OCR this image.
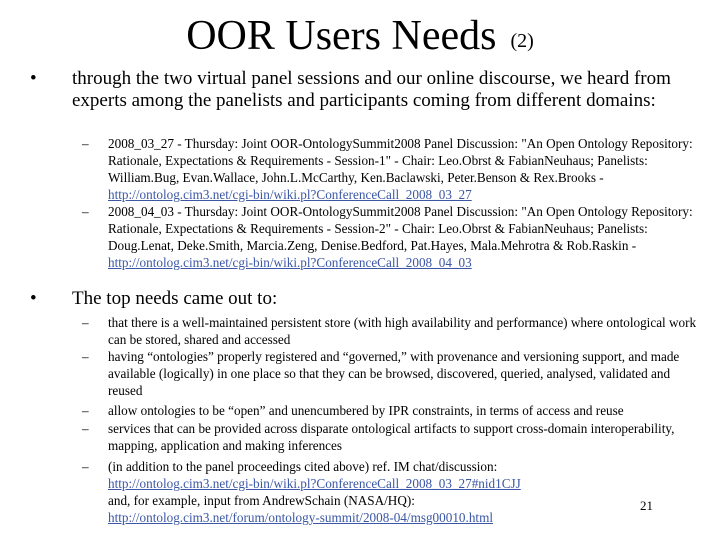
OOR Users Needs (2)
• through the two virtual panel sessions and our online discourse, we heard from experts among the panelists and participants coming from different domains:
– 2008_03_27 - Thursday: Joint OOR-OntologySummit2008 Panel Discussion: "An Open Ontology Repository: Rationale, Expectations & Requirements - Session-1" - Chair: Leo.Obrst & FabianNeuhaus; Panelists: William.Bug, Evan.Wallace, John.L.McCarthy, Ken.Baclawski, Peter.Benson & Rex.Brooks - http://ontolog.cim3.net/cgi-bin/wiki.pl?ConferenceCall_2008_03_27
– 2008_04_03 - Thursday: Joint OOR-OntologySummit2008 Panel Discussion: "An Open Ontology Repository: Rationale, Expectations & Requirements - Session-2" - Chair: Leo.Obrst & FabianNeuhaus; Panelists: Doug.Lenat, Deke.Smith, Marcia.Zeng, Denise.Bedford, Pat.Hayes, Mala.Mehrotra & Rob.Raskin - http://ontolog.cim3.net/cgi-bin/wiki.pl?ConferenceCall_2008_04_03
• The top needs came out to:
– that there is a well-maintained persistent store (with high availability and performance) where ontological work can be stored, shared and accessed
– having “ontologies” properly registered and “governed,” with provenance and versioning support, and made available (logically) in one place so that they can be browsed, discovered, queried, analysed, validated and reused
– allow ontologies to be “open” and unencumbered by IPR constraints, in terms of access and reuse
– services that can be provided across disparate ontological artifacts to support cross-domain interoperability, mapping, application and making inferences
– (in addition to the panel proceedings cited above) ref. IM chat/discussion:
http://ontolog.cim3.net/cgi-bin/wiki.pl?ConferenceCall_2008_03_27#nid1CJJ
and, for example, input from AndrewSchain (NASA/HQ):
http://ontolog.cim3.net/forum/ontology-summit/2008-04/msg00010.html
21
